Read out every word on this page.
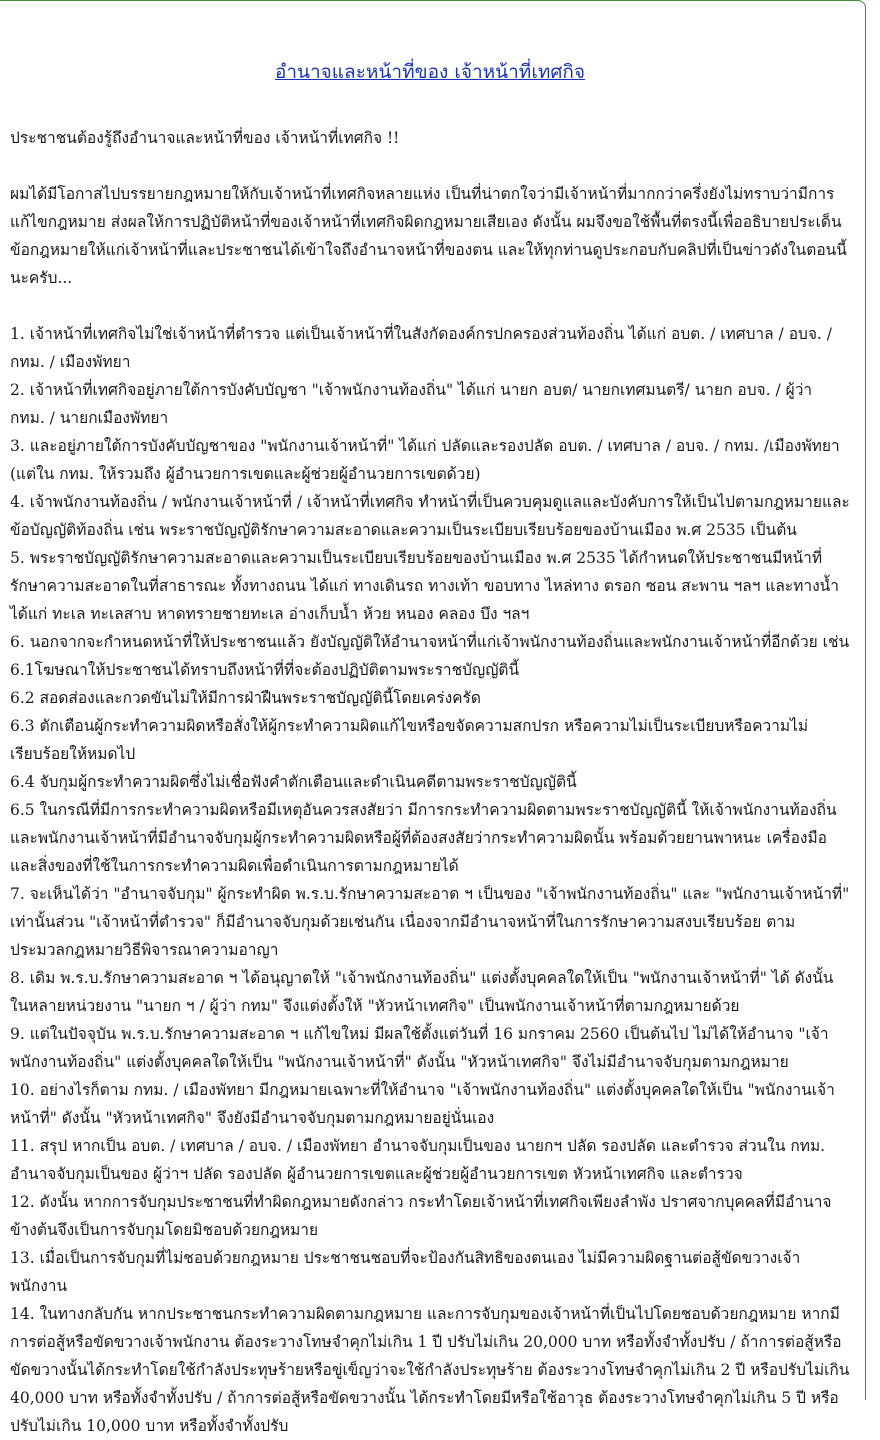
อำนาจและหน้าที่ของ เจ้าหน้าที่เทศกิจ

ประชาชนต้องรู้ถึงอำนาจและหน้าที่ของ เจ้าหน้าที่เทศกิจ !!

ผมได้มีโอกาสไปบรรยายกฎหมายให้กับเจ้าหน้าที่เทศกิจหลายแห่ง เป็นที่น่าตกใจว่ามีเจ้าหน้าที่มากกว่าครึ่งยังไม่ทราบว่ามีการแก้ไขกฎหมาย ส่งผลให้การปฏิบัติหน้าที่ของเจ้าหน้าที่เทศกิจผิดกฎหมายเสียเอง ดังนั้น ผมจึงขอใช้พื้นที่ตรงนี้เพื่ออธิบายประเด็นข้อกฎหมายให้แก่เจ้าหน้าที่และประชาชนได้เข้าใจถึงอำนาจหน้าที่ของตน และให้ทุกท่านดูประกอบกับคลิปที่เป็นข่าวดังในตอนนี้นะครับ...

1. เจ้าหน้าที่เทศกิจไม่ใช่เจ้าหน้าที่ตำรวจ แต่เป็นเจ้าหน้าที่ในสังกัดองค์กรปกครองส่วนท้องถิ่น ได้แก่ อบต. / เทศบาล / อบจ. / กทม. / เมืองพัทยา

2. เจ้าหน้าที่เทศกิจอยู่ภายใต้การบังคับบัญชา "เจ้าพนักงานท้องถิ่น" ได้แก่ นายก อบต/ นายกเทศมนตรี/ นายก อบจ. / ผู้ว่า กทม. / นายกเมืองพัทยา

3. และอยู่ภายใต้การบังคับบัญชาของ "พนักงานเจ้าหน้าที่" ได้แก่ ปลัดและรองปลัด อบต. / เทศบาล / อบจ. / กทม. /เมืองพัทยา (แต่ใน กทม. ให้รวมถึง ผู้อำนวยการเขตและผู้ช่วยผู้อำนวยการเขตด้วย)

4. เจ้าพนักงานท้องถิ่น / พนักงานเจ้าหน้าที่ / เจ้าหน้าที่เทศกิจ ทำหน้าที่เป็นควบคุมดูแลและบังคับการให้เป็นไปตามกฎหมายและข้อบัญญัติท้องถิ่น เช่น พระราชบัญญัติรักษาความสะอาดและความเป็นระเบียบเรียบร้อยของบ้านเมือง พ.ศ 2535 เป็นต้น

5. พระราชบัญญัติรักษาความสะอาดและความเป็นระเบียบเรียบร้อยของบ้านเมือง พ.ศ 2535 ได้กำหนดให้ประชาชนมีหน้าที่รักษาความสะอาดในที่สาธารณะ ทั้งทางถนน ได้แก่ ทางเดินรถ ทางเท้า ขอบทาง ไหล่ทาง ตรอก ซอน สะพาน ฯลฯ และทางน้ำ ได้แก่ ทะเล ทะเลสาบ หาดทรายชายทะเล อ่างเก็บน้ำ ห้วย หนอง คลอง บึง ฯลฯ

6. นอกจากจะกำหนดหน้าที่ให้ประชาชนแล้ว ยังบัญญัติให้อำนาจหน้าที่แก่เจ้าพนักงานท้องถิ่นและพนักงานเจ้าหน้าที่อีกด้วย เช่น

6.1โฆษณาให้ประชาชนได้ทราบถึงหน้าที่ที่จะต้องปฏิบัติตามพระราชบัญญัตินี้

6.2 สอดส่องและกวดขันไม่ให้มีการฝ่าฝืนพระราชบัญญัตินี้โดยเคร่งครัด

6.3 ตักเตือนผู้กระทำความผิดหรือสั่งให้ผู้กระทำความผิดแก้ไขหรือขจัดความสกปรก หรือความไม่เป็นระเบียบหรือความไม่เรียบร้อยให้หมดไป

6.4 จับกุมผู้กระทำความผิดซึ่งไม่เชื่อฟังคำตักเตือนและดำเนินคดีตามพระราชบัญญัตินี้

6.5 ในกรณีที่มีการกระทำความผิดหรือมีเหตุอันควรสงสัยว่า มีการกระทำความผิดตามพระราชบัญญัตินี้ ให้เจ้าพนักงานท้องถิ่นและพนักงานเจ้าหน้าที่มีอำนาจจับกุมผู้กระทำความผิดหรือผู้ที่ต้องสงสัยว่ากระทำความผิดนั้น พร้อมด้วยยานพาหนะ เครื่องมือ และสิ่งของที่ใช้ในการกระทำความผิดเพื่อดำเนินการตามกฎหมายได้

7. จะเห็นได้ว่า "อำนาจจับกุม" ผู้กระทำผิด พ.ร.บ.รักษาความสะอาด ฯ เป็นของ "เจ้าพนักงานท้องถิ่น" และ "พนักงานเจ้าหน้าที่" เท่านั้นส่วน "เจ้าหน้าที่ตำรวจ" ก็มีอำนาจจับกุมด้วยเช่นกัน เนื่องจากมีอำนาจหน้าที่ในการรักษาความสงบเรียบร้อย ตามประมวลกฎหมายวิธีพิจารณาความอาญา

8. เดิม พ.ร.บ.รักษาความสะอาด ฯ ได้อนุญาตให้ "เจ้าพนักงานท้องถิ่น" แต่งตั้งบุคคลใดให้เป็น "พนักงานเจ้าหน้าที่" ได้ ดังนั้น ในหลายหน่วยงาน "นายก ฯ / ผู้ว่า กทม" จึงแต่งตั้งให้ "หัวหน้าเทศกิจ" เป็นพนักงานเจ้าหน้าที่ตามกฎหมายด้วย

9. แต่ในปัจจุบัน พ.ร.บ.รักษาความสะอาด ฯ แก้ไขใหม่ มีผลใช้ตั้งแต่วันที่ 16 มกราคม 2560 เป็นต้นไป ไม่ได้ให้อำนาจ "เจ้าพนักงานท้องถิ่น" แต่งตั้งบุคคลใดให้เป็น "พนักงานเจ้าหน้าที่" ดังนั้น "หัวหน้าเทศกิจ" จึงไม่มีอำนาจจับกุมตามกฎหมาย

10. อย่างไรก็ตาม กทม. / เมืองพัทยา มีกฎหมายเฉพาะที่ให้อำนาจ "เจ้าพนักงานท้องถิ่น" แต่งตั้งบุคคลใดให้เป็น "พนักงานเจ้าหน้าที่" ดังนั้น "หัวหน้าเทศกิจ" จึงยังมีอำนาจจับกุมตามกฎหมายอยู่นั่นเอง

11. สรุป หากเป็น อบต. / เทศบาล / อบจ. / เมืองพัทยา อำนาจจับกุมเป็นของ นายกฯ ปลัด รองปลัด และตำรวจ ส่วนใน กทม. อำนาจจับกุมเป็นของ ผู้ว่าฯ ปลัด รองปลัด ผู้อำนวยการเขตและผู้ช่วยผู้อำนวยการเขต หัวหน้าเทศกิจ และตำรวจ

12. ดังนั้น หากการจับกุมประชาชนที่ทำผิดกฎหมายดังกล่าว กระทำโดยเจ้าหน้าที่เทศกิจเพียงลำพัง ปราศจากบุคคลที่มีอำนาจข้างต้นจึงเป็นการจับกุมโดยมิชอบด้วยกฎหมาย

13. เมื่อเป็นการจับกุมที่ไม่ชอบด้วยกฎหมาย ประชาชนชอบที่จะป้องกันสิทธิของตนเอง ไม่มีความผิดฐานต่อสู้ขัดขวางเจ้าพนักงาน

14. ในทางกลับกัน หากประชาชนกระทำความผิดตามกฎหมาย และการจับกุมของเจ้าหน้าที่เป็นไปโดยชอบด้วยกฎหมาย หากมีการต่อสู้หรือขัดขวางเจ้าพนักงาน ต้องระวางโทษจำคุกไม่เกิน 1 ปี ปรับไม่เกิน 20,000 บาท หรือทั้งจำทั้งปรับ / ถ้าการต่อสู้หรือขัดขวางนั้นได้กระทำโดยใช้กำลังประทุษร้ายหรือขู่เข็ญว่าจะใช้กำลังประทุษร้าย ต้องระวางโทษจำคุกไม่เกิน 2 ปี หรือปรับไม่เกิน 40,000 บาท หรือทั้งจำทั้งปรับ / ถ้าการต่อสู้หรือขัดขวางนั้น ได้กระทำโดยมีหรือใช้อาวุธ ต้องระวางโทษจำคุกไม่เกิน 5 ปี หรือปรับไม่เกิน 10,000 บาท หรือทั้งจำทั้งปรับ
